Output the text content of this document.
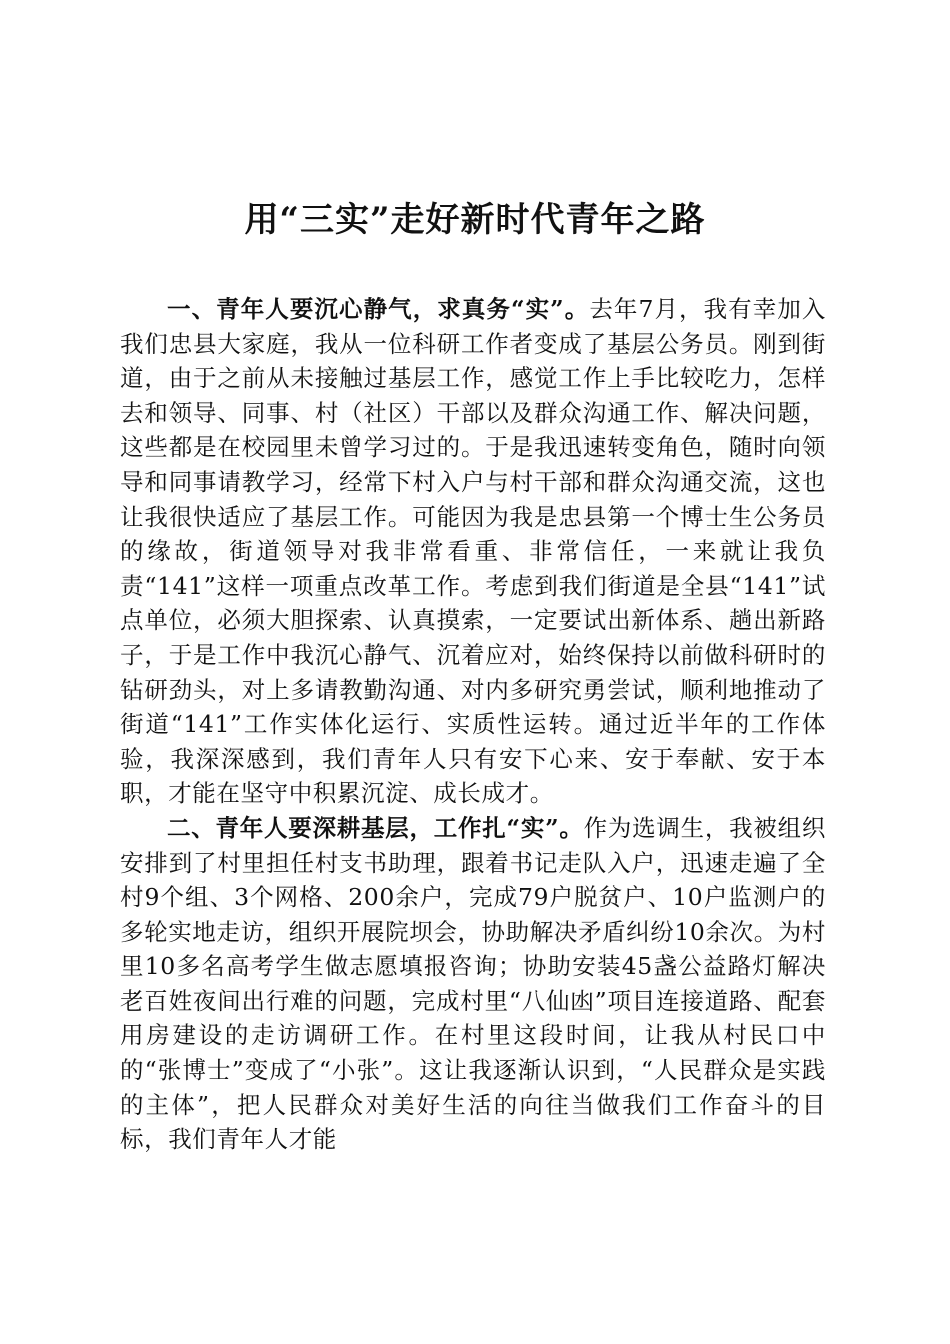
用“三实”走好新时代青年之路

一、青年人要沉心静气，求真务“实”。去年7月，我有幸加入我们忠县大家庭，我从一位科研工作者变成了基层公务员。刚到街道，由于之前从未接触过基层工作，感觉工作上手比较吃力，怎样去和领导、同事、村（社区）干部以及群众沟通工作、解决问题，这些都是在校园里未曾学习过的。于是我迅速转变角色，随时向领导和同事请教学习，经常下村入户与村干部和群众沟通交流，这也让我很快适应了基层工作。可能因为我是忠县第一个博士生公务员的缘故，街道领导对我非常看重、非常信任，一来就让我负责“141”这样一项重点改革工作。考虑到我们街道是全县“141”试点单位，必须大胆探索、认真摸索，一定要试出新体系、趟出新路子，于是工作中我沉心静气、沉着应对，始终保持以前做科研时的钻研劲头，对上多请教勤沟通、对内多研究勇尝试，顺利地推动了街道“141”工作实体化运行、实质性运转。通过近半年的工作体验，我深深感到，我们青年人只有安下心来、安于奉献、安于本职，才能在坚守中积累沉淀、成长成才。

二、青年人要深耕基层，工作扎“实”。作为选调生，我被组织安排到了村里担任村支书助理，跟着书记走队入户，迅速走遍了全村9个组、3个网格、200余户，完成79户脱贫户、10户监测户的多轮实地走访，组织开展院坝会，协助解决矛盾纠纷10余次。为村里10多名高考学生做志愿填报咨询；协助安装45盏公益路灯解决老百姓夜间出行难的问题，完成村里“八仙凼”项目连接道路、配套用房建设的走访调研工作。在村里这段时间，让我从村民口中的“张博士”变成了“小张”。这让我逐渐认识到，“人民群众是实践的主体”，把人民群众对美好生活的向往当做我们工作奋斗的目标，我们青年人才能
